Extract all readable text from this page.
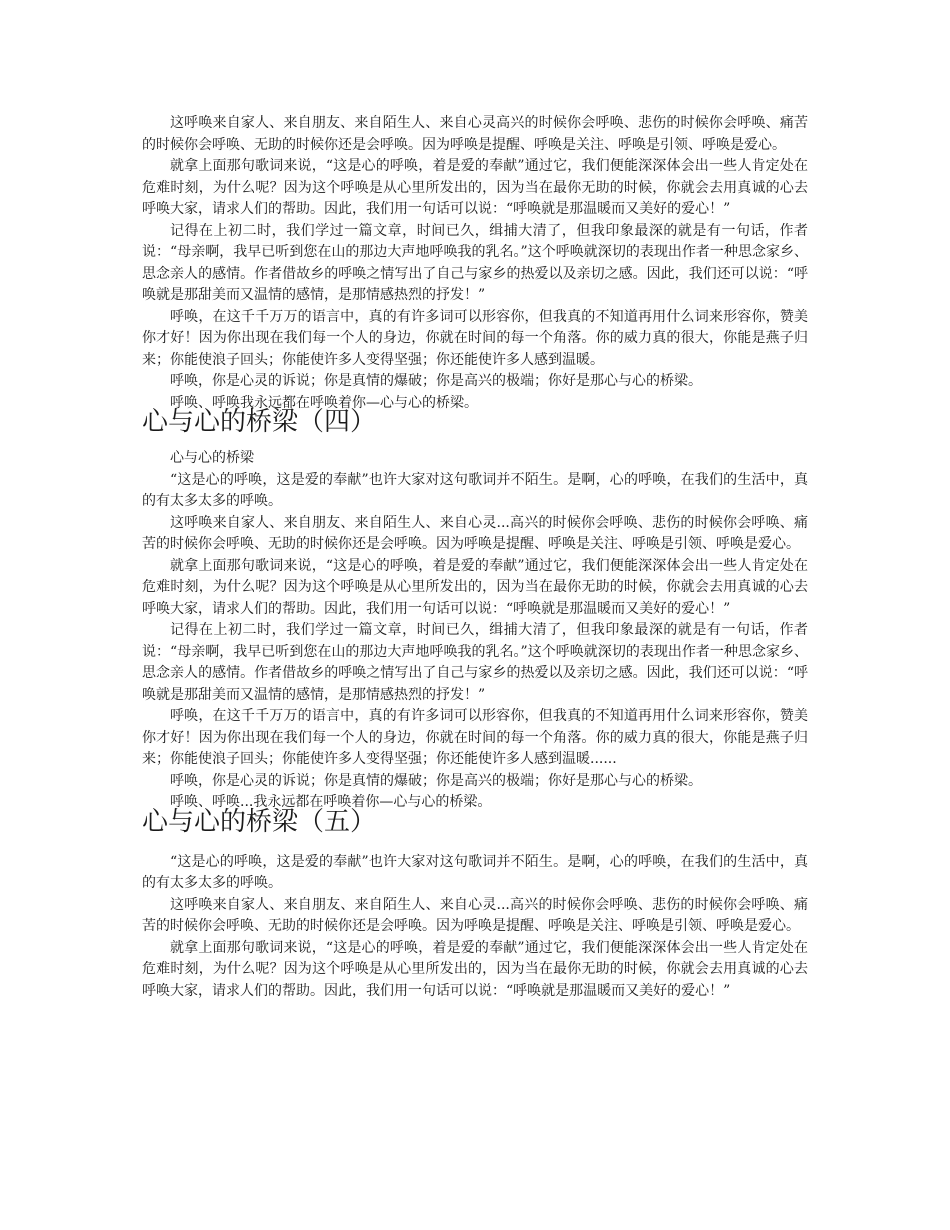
这呼唤来自家人、来自朋友、来自陌生人、来自心灵高兴的时候你会呼唤、悲伤的时候你会呼唤、痛苦的时候你会呼唤、无助的时候你还是会呼唤。因为呼唤是提醒、呼唤是关注、呼唤是引领、呼唤是爱心。

就拿上面那句歌词来说，“这是心的呼唤，着是爱的奉献”通过它，我们便能深深体会出一些人肯定处在危难时刻，为什么呢？因为这个呼唤是从心里所发出的，因为当在最你无助的时候，你就会去用真诚的心去呼唤大家，请求人们的帮助。因此，我们用一句话可以说：“呼唤就是那温暖而又美好的爱心！”

记得在上初二时，我们学过一篇文章，时间已久，缉捕大清了，但我印象最深的就是有一句话，作者说：“母亲啊，我早已听到您在山的那边大声地呼唤我的乳名。”这个呼唤就深切的表现出作者一种思念家乡、思念亲人的感情。作者借故乡的呼唤之情写出了自己与家乡的热爱以及亲切之感。因此，我们还可以说：“呼唤就是那甜美而又温情的感情，是那情感热烈的抒发！”

呼唤，在这千千万万的语言中，真的有许多词可以形容你，但我真的不知道再用什么词来形容你，赞美你才好！因为你出现在我们每一个人的身边，你就在时间的每一个角落。你的威力真的很大，你能是燕子归来；你能使浪子回头；你能使许多人变得坚强；你还能使许多人感到温暖。

呼唤，你是心灵的诉说；你是真情的爆破；你是高兴的极端；你好是那心与心的桥梁。

呼唤、呼唤我永远都在呼唤着你—心与心的桥梁。

心与心的桥梁（四）

心与心的桥梁

“这是心的呼唤，这是爱的奉献”也许大家对这句歌词并不陌生。是啊，心的呼唤，在我们的生活中，真的有太多太多的呼唤。

这呼唤来自家人、来自朋友、来自陌生人、来自心灵...高兴的时候你会呼唤、悲伤的时候你会呼唤、痛苦的时候你会呼唤、无助的时候你还是会呼唤。因为呼唤是提醒、呼唤是关注、呼唤是引领、呼唤是爱心。

就拿上面那句歌词来说，“这是心的呼唤，着是爱的奉献”通过它，我们便能深深体会出一些人肯定处在危难时刻，为什么呢？因为这个呼唤是从心里所发出的，因为当在最你无助的时候，你就会去用真诚的心去呼唤大家，请求人们的帮助。因此，我们用一句话可以说：“呼唤就是那温暖而又美好的爱心！”

记得在上初二时，我们学过一篇文章，时间已久，缉捕大清了，但我印象最深的就是有一句话，作者说：“母亲啊，我早已听到您在山的那边大声地呼唤我的乳名。”这个呼唤就深切的表现出作者一种思念家乡、思念亲人的感情。作者借故乡的呼唤之情写出了自己与家乡的热爱以及亲切之感。因此，我们还可以说：“呼唤就是那甜美而又温情的感情，是那情感热烈的抒发！”

呼唤，在这千千万万的语言中，真的有许多词可以形容你，但我真的不知道再用什么词来形容你，赞美你才好！因为你出现在我们每一个人的身边，你就在时间的每一个角落。你的威力真的很大，你能是燕子归来；你能使浪子回头；你能使许多人变得坚强；你还能使许多人感到温暖......

呼唤，你是心灵的诉说；你是真情的爆破；你是高兴的极端；你好是那心与心的桥梁。

呼唤、呼唤...我永远都在呼唤着你—心与心的桥梁。

心与心的桥梁（五）

“这是心的呼唤，这是爱的奉献”也许大家对这句歌词并不陌生。是啊，心的呼唤，在我们的生活中，真的有太多太多的呼唤。

这呼唤来自家人、来自朋友、来自陌生人、来自心灵...高兴的时候你会呼唤、悲伤的时候你会呼唤、痛苦的时候你会呼唤、无助的时候你还是会呼唤。因为呼唤是提醒、呼唤是关注、呼唤是引领、呼唤是爱心。

就拿上面那句歌词来说，“这是心的呼唤，着是爱的奉献”通过它，我们便能深深体会出一些人肯定处在危难时刻，为什么呢？因为这个呼唤是从心里所发出的，因为当在最你无助的时候，你就会去用真诚的心去呼唤大家，请求人们的帮助。因此，我们用一句话可以说：“呼唤就是那温暖而又美好的爱心！”
